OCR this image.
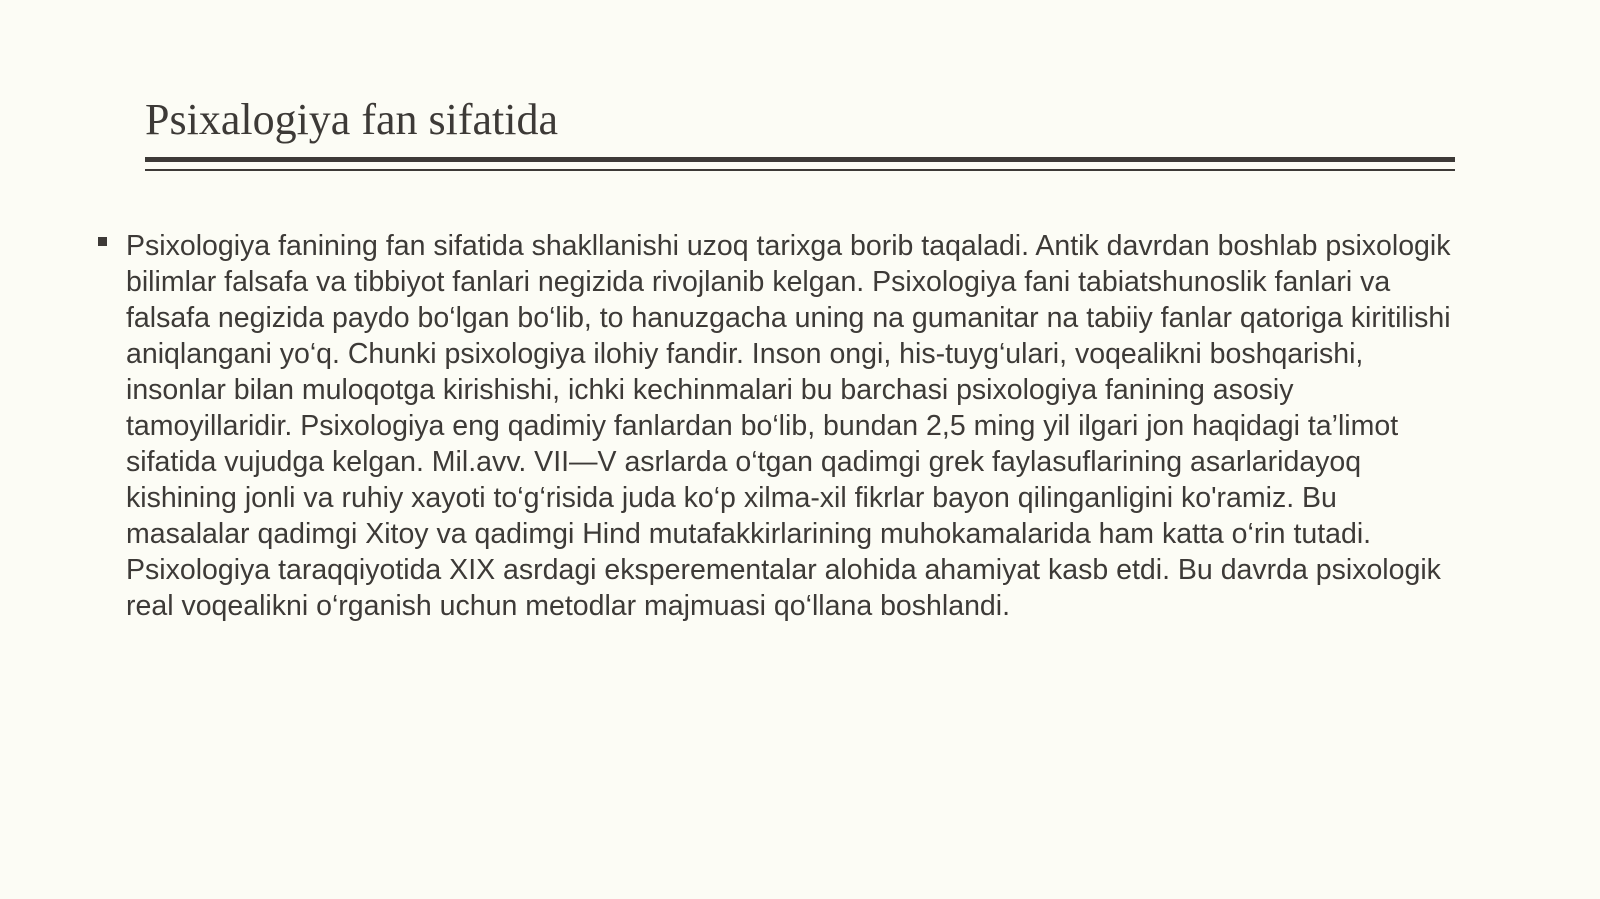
Psixalogiya fan sifatida
Psixologiya fanining fan sifatida shakllanishi uzoq tarixga borib taqaladi. Antik davrdan boshlab psixologik bilimlar falsafa va tibbiyot fanlari negizida rivojlanib kelgan. Psixologiya fani tabiatshunoslik fanlari va falsafa negizida paydo bo‘lgan bo‘lib, to hanuzgacha uning na gumanitar na tabiiy fanlar qatoriga kiritilishi aniqlangani yo‘q. Chunki psixologiya ilohiy fandir. Inson ongi, his-tuyg‘ulari, voqealikni boshqarishi, insonlar bilan muloqotga kirishishi, ichki kechinmalari bu barchasi psixologiya fanining asosiy tamoyillaridir. Psixologiya eng qadimiy fanlardan bo‘lib, bundan 2,5 ming yil ilgari jon haqidagi ta’limot sifatida vujudga kelgan. Mil.avv. VII—V asrlarda o‘tgan qadimgi grek faylasuflarining asarlaridayoq kishining jonli va ruhiy xayoti to‘g‘risida juda ko‘p xilma-xil fikrlar bayon qilinganligini ko'ramiz. Bu masalalar qadimgi Xitoy va qadimgi Hind mutafakkirlarining muhokamalarida ham katta o‘rin tutadi. Psixologiya taraqqiyotida XIX asrdagi eksperementalar alohida ahamiyat kasb etdi. Bu davrda psixologik real voqealikni o‘rganish uchun metodlar majmuasi qo‘llana boshlandi.
